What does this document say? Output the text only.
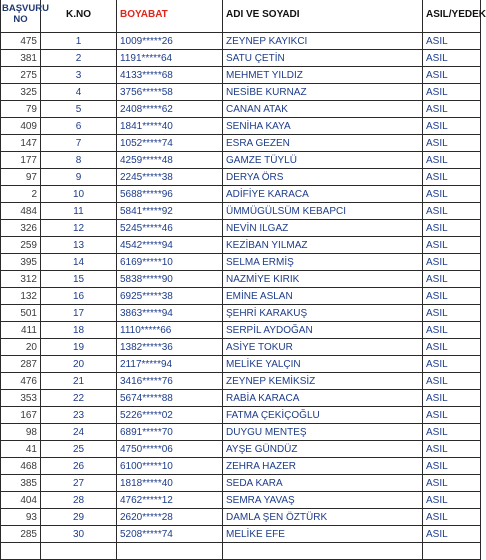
BAŞVURU
NO	K.NO	BOYABAT	ADI VE SOYADI	ASIL/YEDEK
475	1	1009*****26	ZEYNEP KAYIKCI	ASIL
381	2	1191*****64	SATU ÇETİN	ASIL
275	3	4133*****68	MEHMET YILDIZ	ASIL
325	4	3756*****58	NESİBE KURNAZ	ASIL
79	5	2408*****62	CANAN ATAK	ASIL
409	6	1841*****40	SENİHA KAYA	ASIL
147	7	1052*****74	ESRA GEZEN	ASIL
177	8	4259*****48	GAMZE TÜYLÜ	ASIL
97	9	2245*****38	DERYA ÖRS	ASIL
2	10	5688*****96	ADİFİYE KARACA	ASIL
484	11	5841*****92	ÜMMÜGÜLSÜM KEBAPCI	ASIL
326	12	5245*****46	NEVİN ILGAZ	ASIL
259	13	4542*****94	KEZİBAN YILMAZ	ASIL
395	14	6169*****10	SELMA ERMİŞ	ASIL
312	15	5838*****90	NAZMİYE KIRIK	ASIL
132	16	6925*****38	EMİNE ASLAN	ASIL
501	17	3863*****94	ŞEHRİ KARAKUŞ	ASIL
411	18	1110*****66	SERPİL AYDOĞAN	ASIL
20	19	1382*****36	ASİYE TOKUR	ASIL
287	20	2117*****94	MELİKE YALÇIN	ASIL
476	21	3416*****76	ZEYNEP KEMİKSİZ	ASIL
353	22	5674*****88	RABİA KARACA	ASIL
167	23	5226*****02	FATMA ÇEKİÇOĞLU	ASIL
98	24	6891*****70	DUYGU MENTEŞ	ASIL
41	25	4750*****06	AYŞE GÜNDÜZ	ASIL
468	26	6100*****10	ZEHRA HAZER	ASIL
385	27	1818*****40	SEDA KARA	ASIL
404	28	4762*****12	SEMRA YAVAŞ	ASIL
93	29	2620*****28	DAMLA ŞEN ÖZTÜRK	ASIL
285	30	5208*****74	MELİKE EFE	ASIL
